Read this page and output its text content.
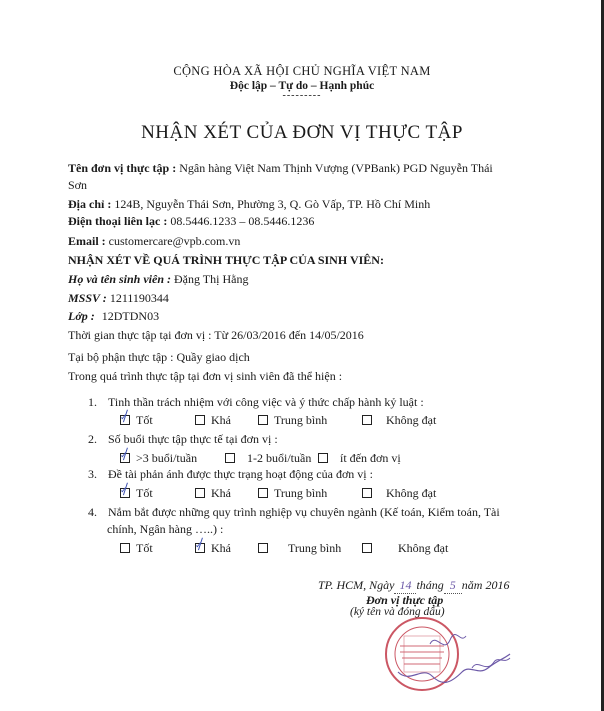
CỘNG HÒA XÃ HỘI CHỦ NGHĨA VIỆT NAM
Độc lập – Tự do – Hạnh phúc
---------
NHẬN XÉT CỦA ĐƠN VỊ THỰC TẬP
Tên đơn vị thực tập : Ngân hàng Việt Nam Thịnh Vượng (VPBank) PGD Nguyễn Thái
Sơn
Địa chỉ : 124B, Nguyễn Thái Sơn, Phường 3, Q. Gò Vấp, TP. Hồ Chí Minh
Điện thoại liên lạc : 08.5446.1233 – 08.5446.1236
Email : customercare@vpb.com.vn
NHẬN XÉT VỀ QUÁ TRÌNH THỰC TẬP CỦA SINH VIÊN:
Họ và tên sinh viên : Đặng Thị Hằng
MSSV : 1211190344
Lớp : 12DTDN03
Thời gian thực tập tại đơn vị : Từ 26/03/2016 đến 14/05/2016
Tại bộ phận thực tập : Quầy giao dịch
Trong quá trình thực tập tại đơn vị sinh viên đã thể hiện :
1. Tinh thần trách nhiệm với công việc và ý thức chấp hành kỷ luật :
✓Tốt	Khá	Trung bình	Không đạt
2. Số buổi thực tập thực tế tại đơn vị :
✓>3 buổi/tuần	1-2 buổi/tuần	ít đến đơn vị
3. Đề tài phản ánh được thực trạng hoạt động của đơn vị :
✓Tốt	Khá	Trung bình	Không đạt
4. Nắm bắt được những quy trình nghiệp vụ chuyên ngành (Kế toán, Kiểm toán, Tài
chính, Ngân hàng …..) :
Tốt
✓	Khá	Trung bình	Không đạt
TP. HCM, Ngày 14 tháng 5 năm 2016
Đơn vị thực tập
(ký tên và đóng dấu)
